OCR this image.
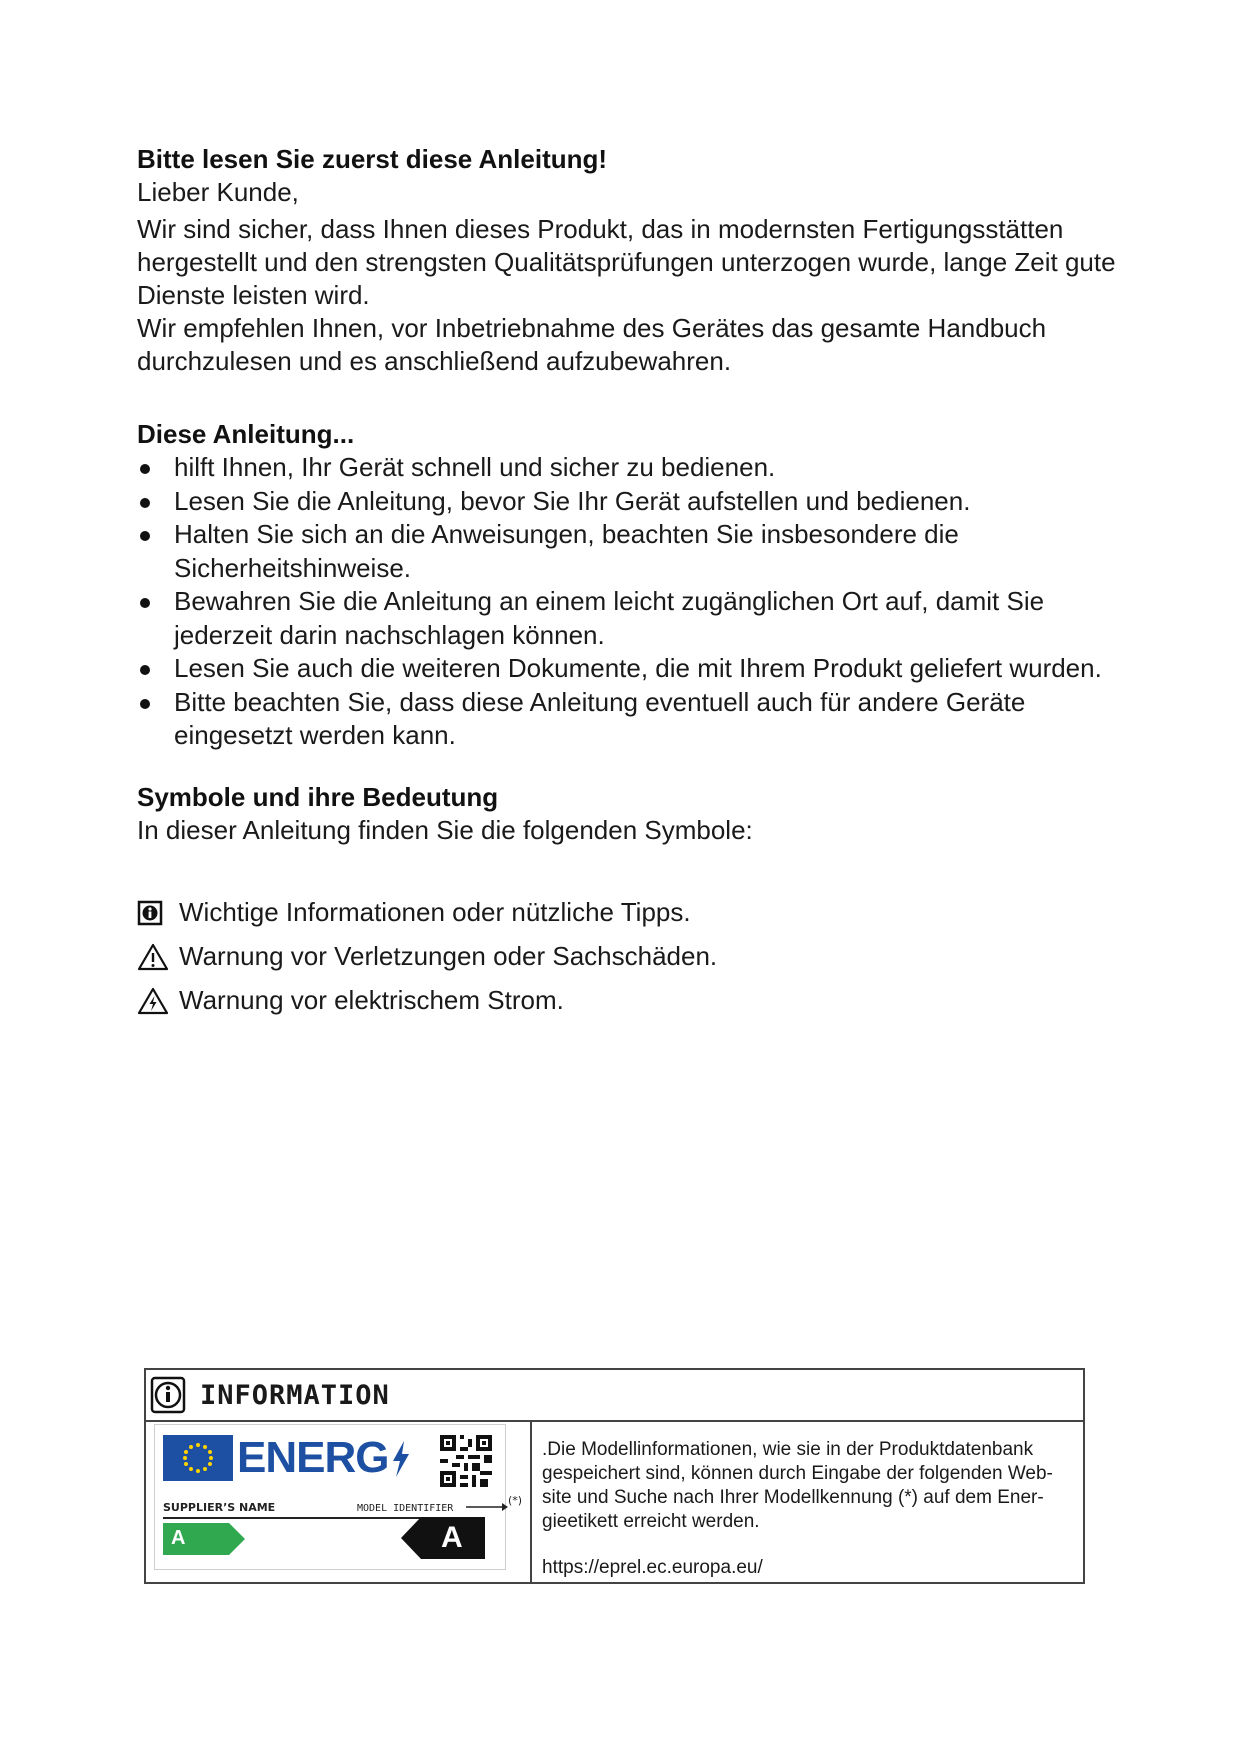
Bitte lesen Sie zuerst diese Anleitung!

Lieber Kunde,

Wir sind sicher, dass Ihnen dieses Produkt, das in modernsten Fertigungsstätten hergestellt und den strengsten Qualitätsprüfungen unterzogen wurde, lange Zeit gute Dienste leisten wird.

Wir empfehlen Ihnen, vor Inbetriebnahme des Gerätes das gesamte Handbuch durchzulesen und es anschließend aufzubewahren.

Diese Anleitung...
hilft Ihnen, Ihr Gerät schnell und sicher zu bedienen.
Lesen Sie die Anleitung, bevor Sie Ihr Gerät aufstellen und bedienen.
Halten Sie sich an die Anweisungen, beachten Sie insbesondere die Sicherheitshinweise.
Bewahren Sie die Anleitung an einem leicht zugänglichen Ort auf, damit Sie jederzeit darin nachschlagen können.
Lesen Sie auch die weiteren Dokumente, die mit Ihrem Produkt geliefert wurden.
Bitte beachten Sie, dass diese Anleitung eventuell auch für andere Geräte eingesetzt werden kann.
Symbole und ihre Bedeutung

In dieser Anleitung finden Sie die folgenden Symbole:

Wichtige Informationen oder nützliche Tipps.
Warnung vor Verletzungen oder Sachschäden.
Warnung vor elektrischem Strom.
INFORMATION
ENERG
SUPPLIER’S NAME	MODEL IDENTIFIER
A	A
(*)
.Die Modellinformationen, wie sie in der Produktdatenbank gespeichert sind, können durch Eingabe der folgenden Web-site und Suche nach Ihrer Modellkennung (*) auf dem Ener-gieetikett erreicht werden.
https://eprel.ec.europa.eu/
